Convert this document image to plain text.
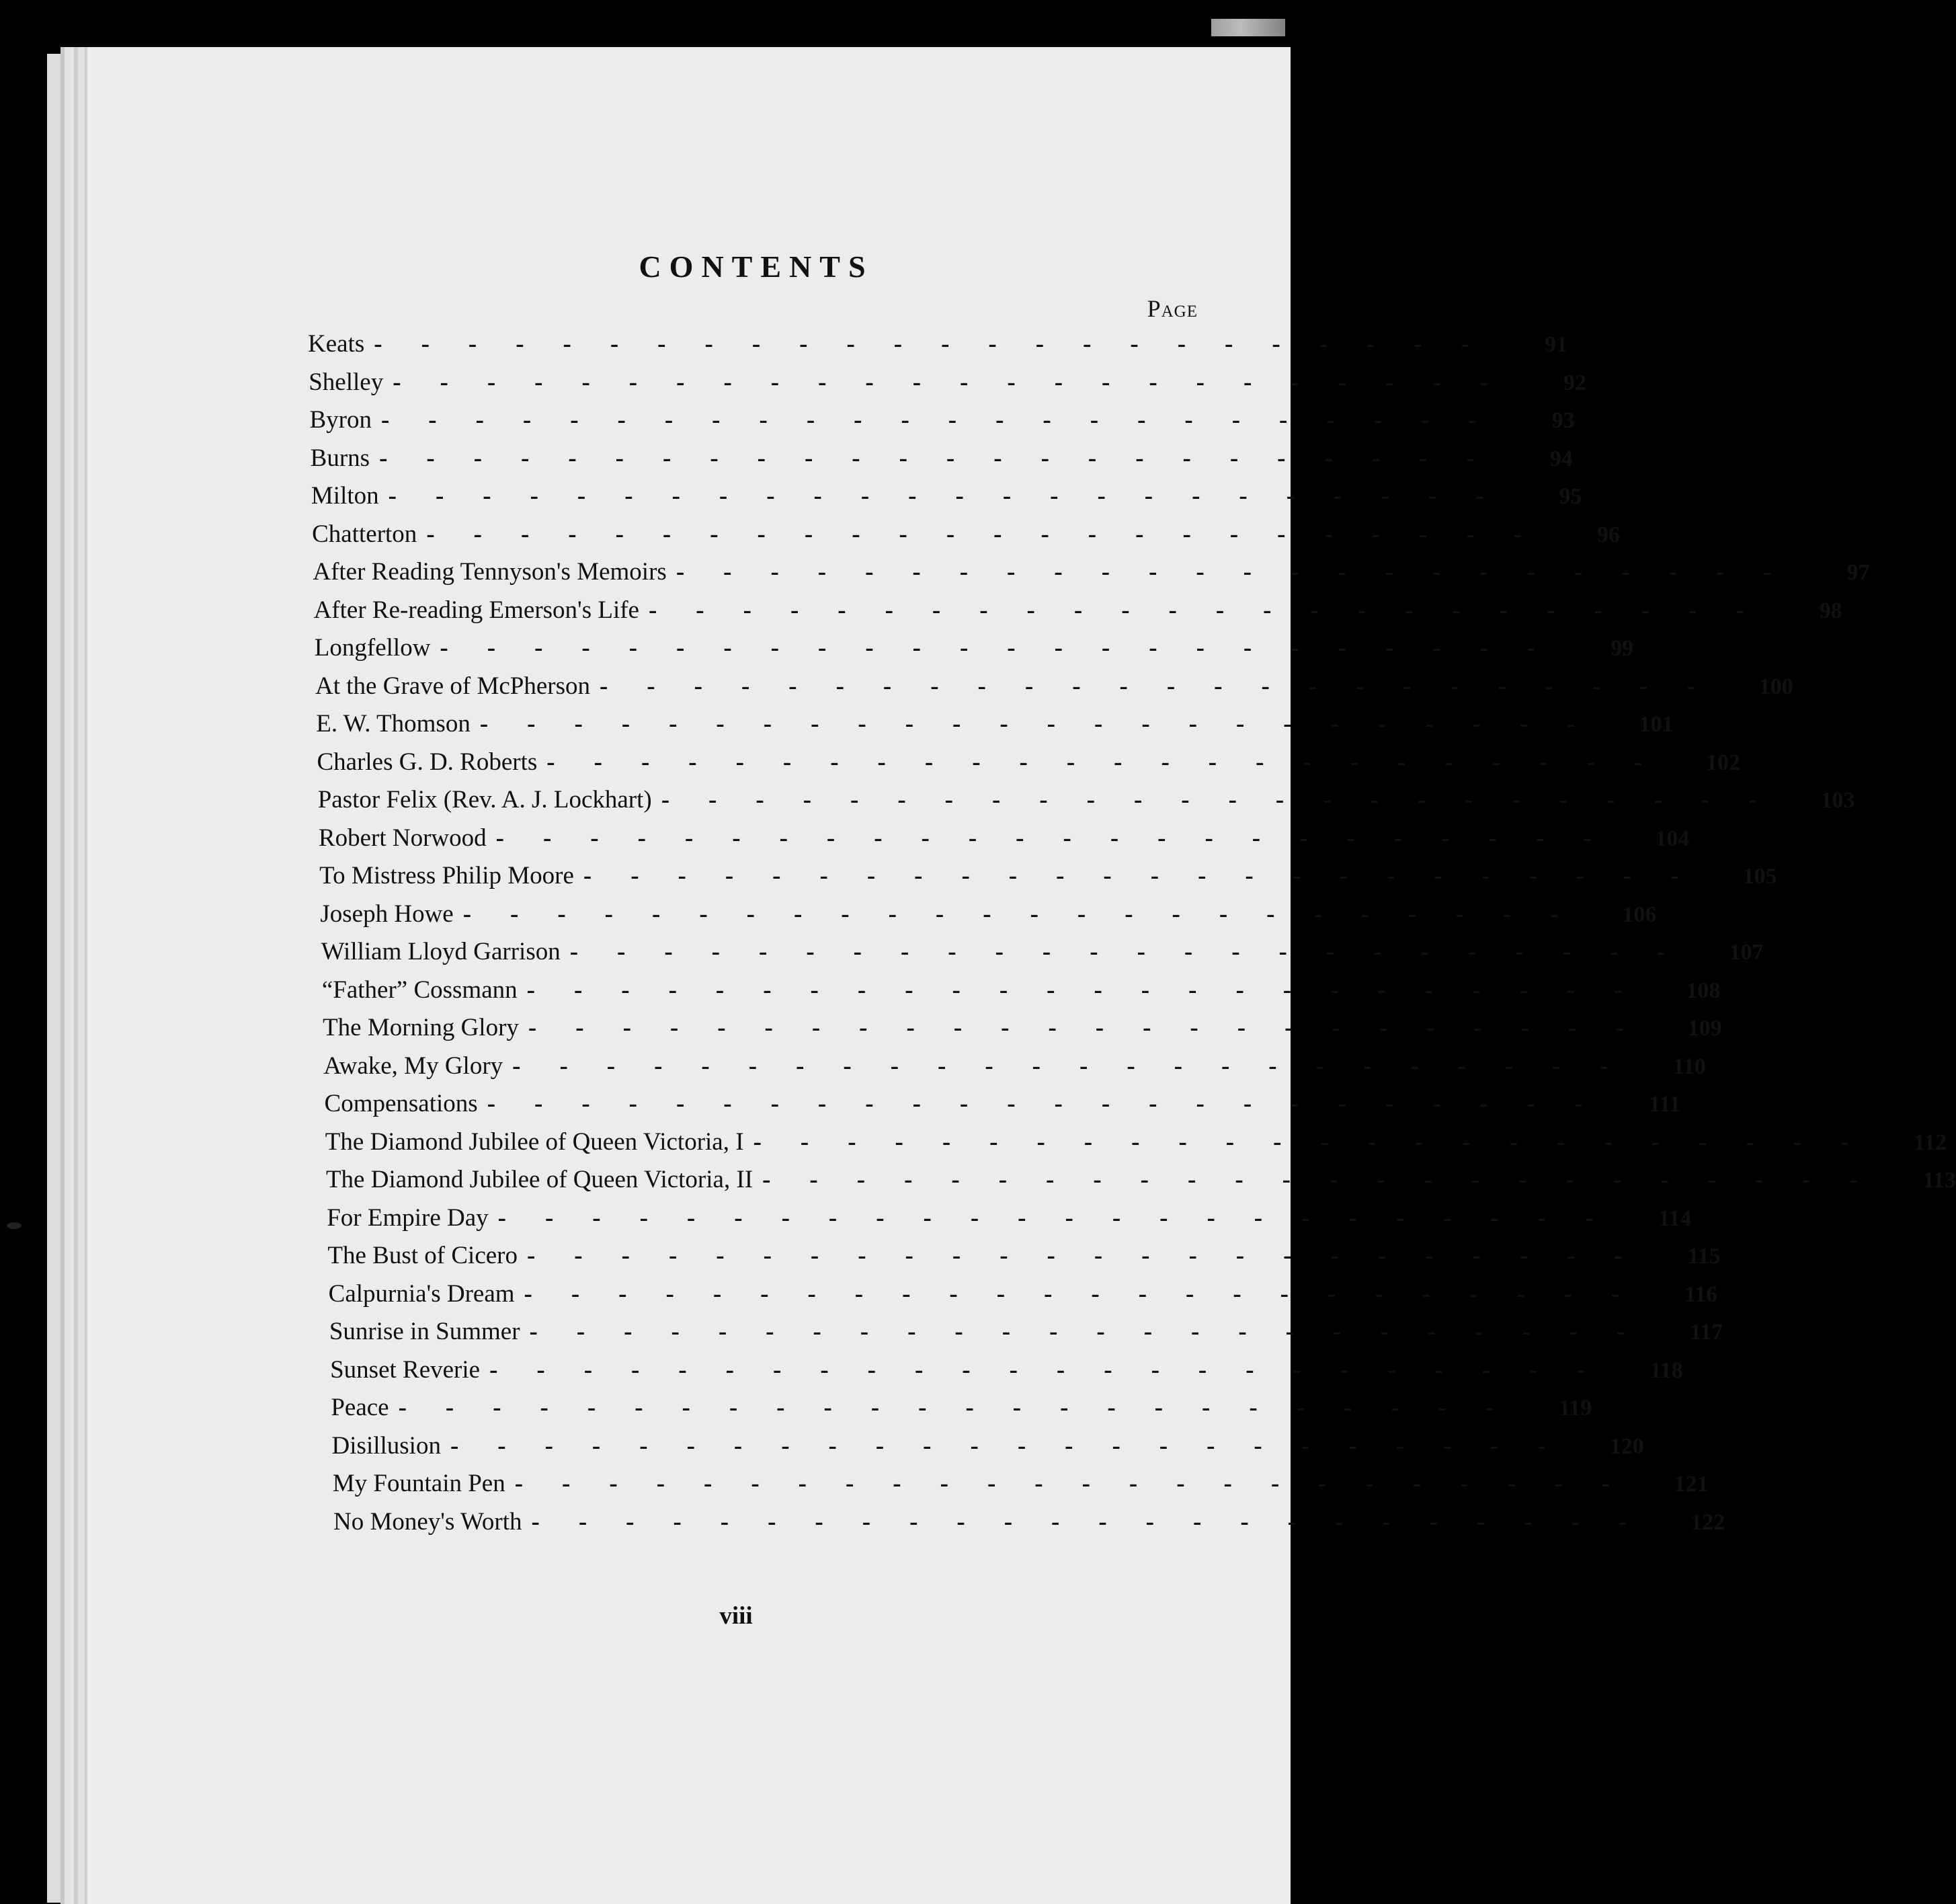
CONTENTS
Page
Keats ------------------------	91
Shelley ------------------------	92
Byron ------------------------	93
Burns ------------------------	94
Milton ------------------------	95
Chatterton ------------------------	96
After Reading Tennyson's Memoirs ------------------------	97
After Re-reading Emerson's Life ------------------------	98
Longfellow ------------------------	99
At the Grave of McPherson ------------------------	100
E. W. Thomson ------------------------	101
Charles G. D. Roberts ------------------------	102
Pastor Felix (Rev. A. J. Lockhart) ------------------------	103
Robert Norwood ------------------------	104
To Mistress Philip Moore ------------------------	105
Joseph Howe ------------------------	106
William Lloyd Garrison ------------------------	107
“Father” Cossmann ------------------------	108
The Morning Glory ------------------------	109
Awake, My Glory ------------------------	110
Compensations ------------------------	111
The Diamond Jubilee of Queen Victoria, I ------------------------	112
The Diamond Jubilee of Queen Victoria, II ------------------------	113
For Empire Day ------------------------	114
The Bust of Cicero ------------------------	115
Calpurnia's Dream ------------------------	116
Sunrise in Summer ------------------------	117
Sunset Reverie ------------------------	118
Peace ------------------------	119
Disillusion ------------------------	120
My Fountain Pen ------------------------	121
No Money's Worth ------------------------	122
viii
